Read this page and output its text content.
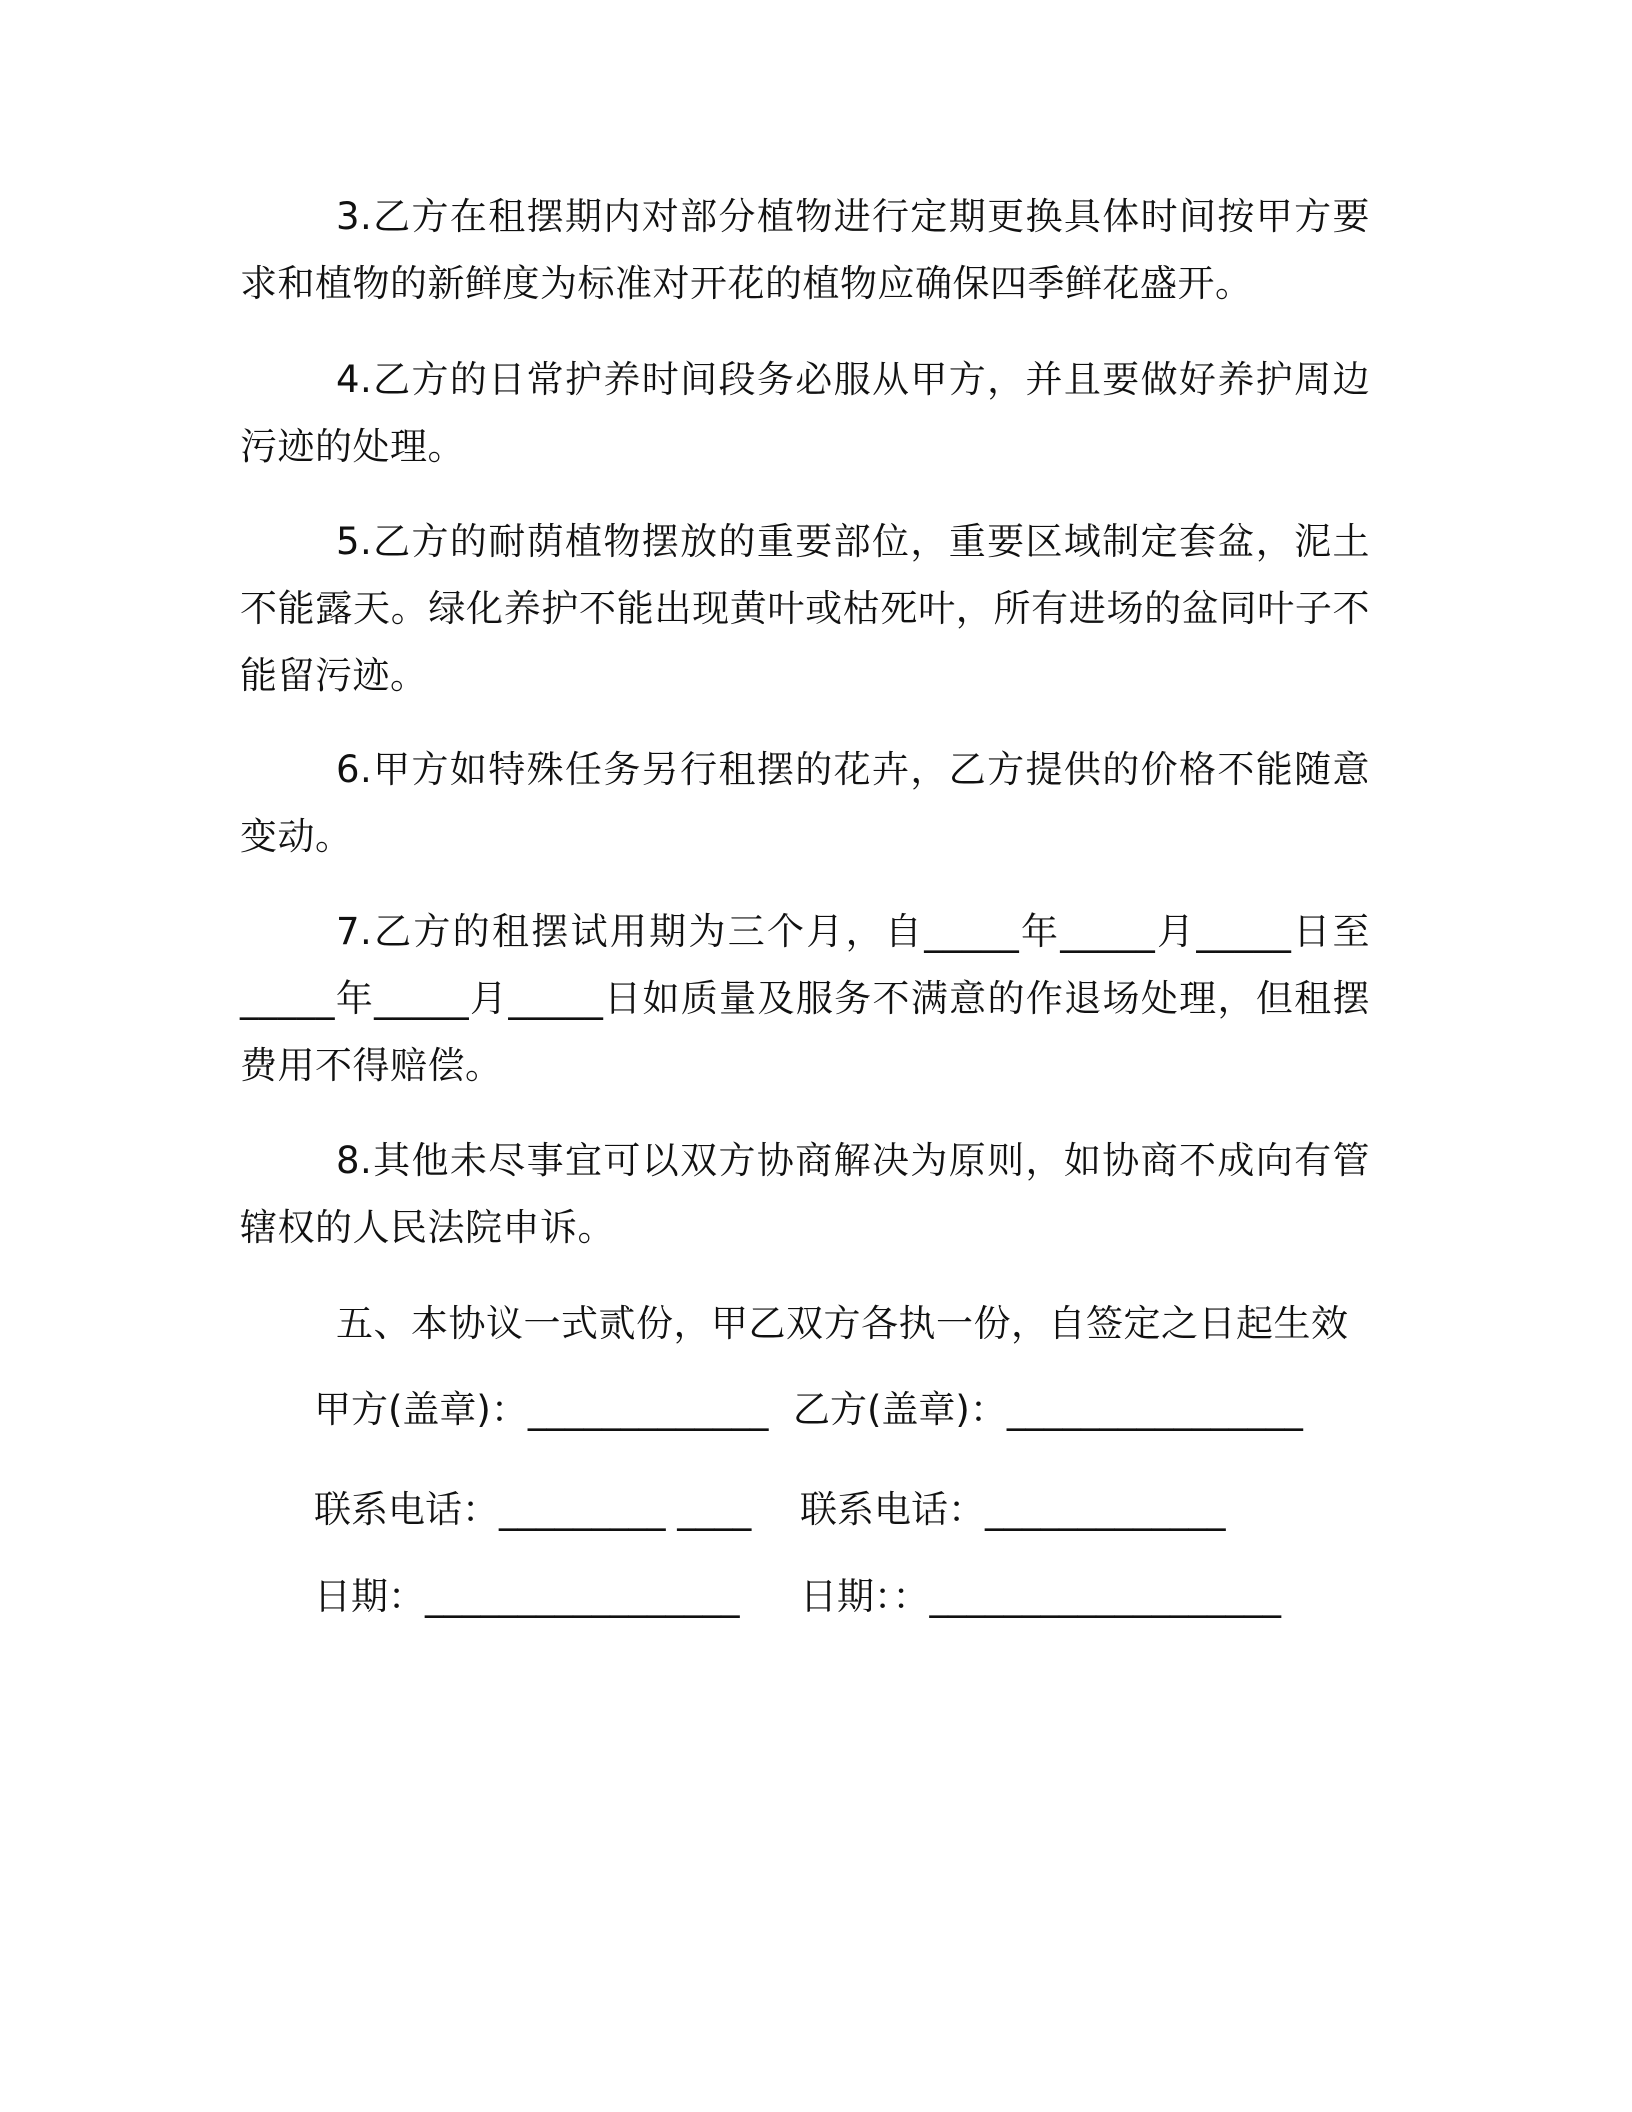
3.乙方在租摆期内对部分植物进行定期更换具体时间按甲方要求和植物的新鲜度为标准对开花的植物应确保四季鲜花盛开。

4.乙方的日常护养时间段务必服从甲方，并且要做好养护周边污迹的处理。

5.乙方的耐荫植物摆放的重要部位，重要区域制定套盆，泥土不能露天。绿化养护不能出现黄叶或枯死叶，所有进场的盆同叶子不能留污迹。

6.甲方如特殊任务另行租摆的花卉，乙方提供的价格不能随意变动。

7.乙方的租摆试用期为三个月，自_____年_____月_____日至_____年_____月_____日如质量及服务不满意的作退场处理，但租摆费用不得赔偿。

8.其他未尽事宜可以双方协商解决为原则，如协商不成向有管辖权的人民法院申诉。

五、本协议一式贰份，甲乙双方各执一份，自签定之日起生效

甲方(盖章)：_____________ 乙方(盖章)：________________
联系电话：_________ ____ 联系电话：_____________
日期：_________________ 日期：：___________________
